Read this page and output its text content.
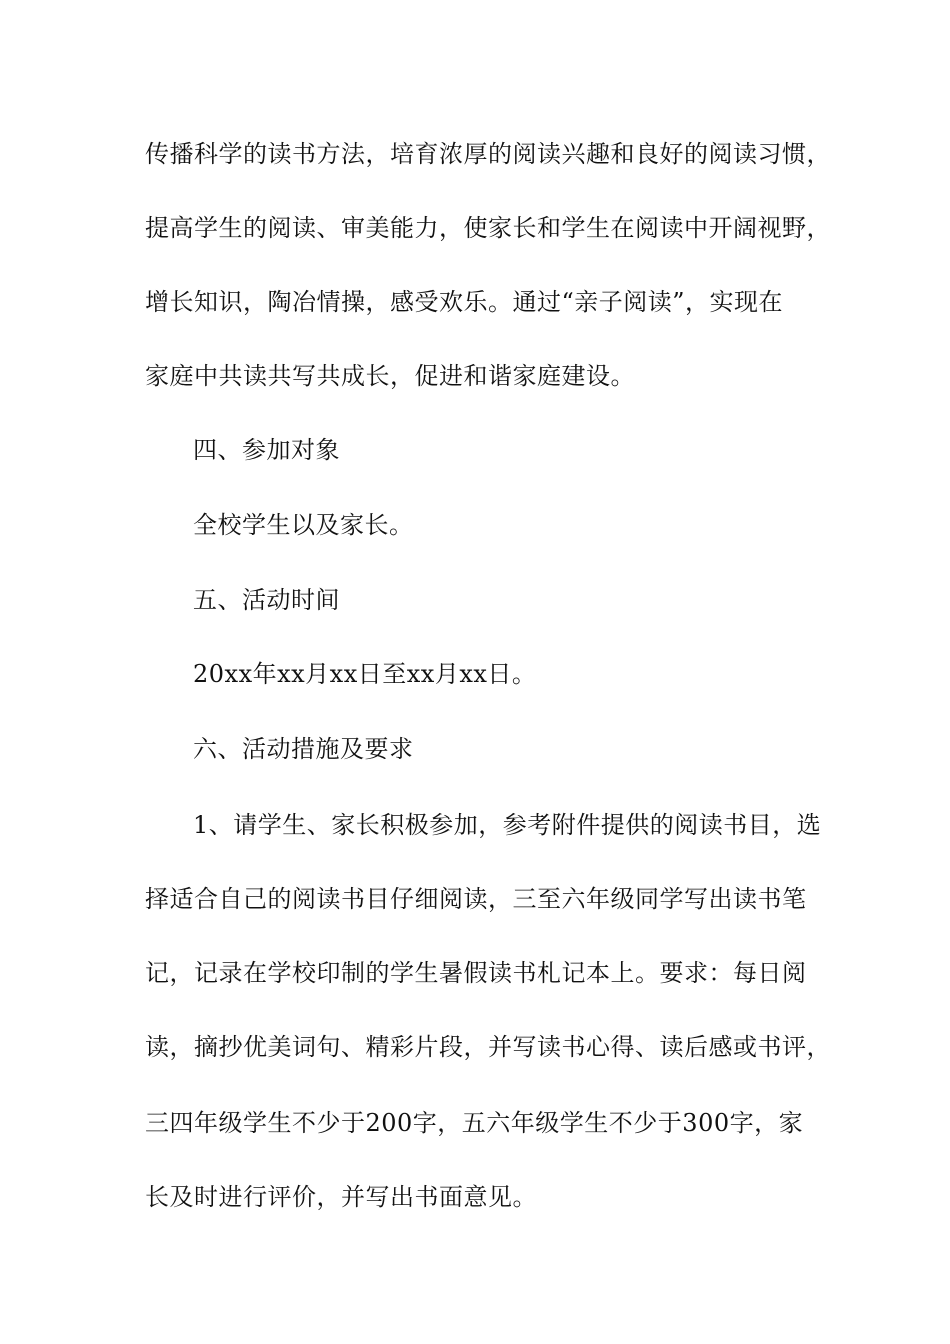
传播科学的读书方法，培育浓厚的阅读兴趣和良好的阅读习惯，
提高学生的阅读、审美能力，使家长和学生在阅读中开阔视野，
增长知识，陶冶情操，感受欢乐。通过“亲子阅读”，实现在
家庭中共读共写共成长，促进和谐家庭建设。
四、参加对象
全校学生以及家长。
五、活动时间
20xx年xx月xx日至xx月xx日。
六、活动措施及要求
1、请学生、家长积极参加，参考附件提供的阅读书目，选
择适合自己的阅读书目仔细阅读，三至六年级同学写出读书笔
记，记录在学校印制的学生暑假读书札记本上。要求：每日阅
读，摘抄优美词句、精彩片段，并写读书心得、读后感或书评，
三四年级学生不少于200字，五六年级学生不少于300字，家
长及时进行评价，并写出书面意见。
